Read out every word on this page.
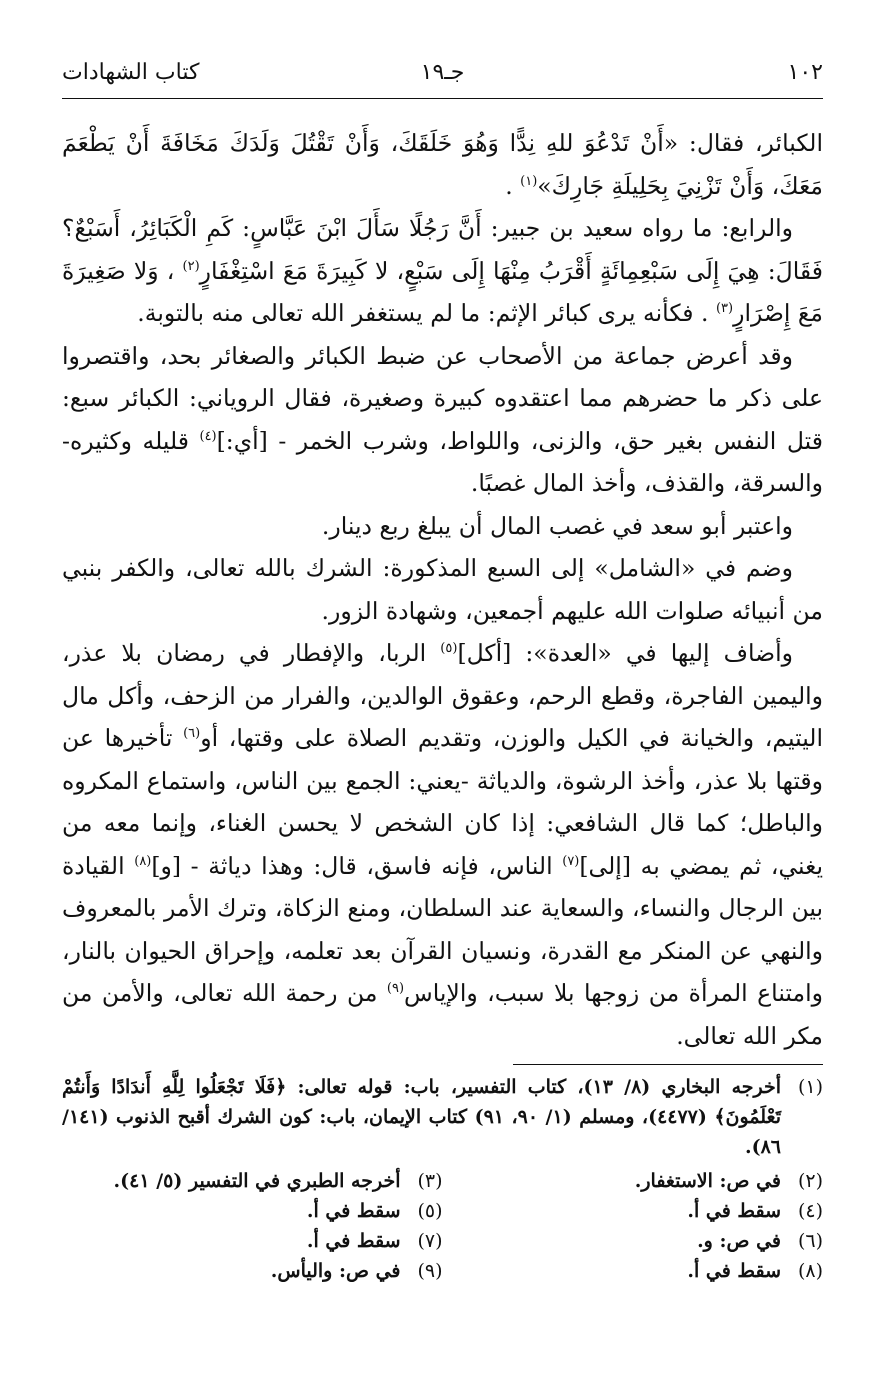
١٠٢
جـ١٩
كتاب الشهادات

الكبائر، فقال: «أَنْ تَدْعُوَ للهِ نِدًّا وَهُوَ خَلَقَكَ، وَأَنْ تَقْتُلَ وَلَدَكَ مَخَافَةَ أَنْ يَطْعَمَ مَعَكَ، وَأَنْ تَزْنِيَ بِحَلِيلَةِ جَارِكَ»$^{(١)}$ .

والرابع: ما رواه سعيد بن جبير: أَنَّ رَجُلًا سَأَلَ ابْنَ عَبَّاسٍ: كَمِ الْكَبَائِرُ، أَسَبْعٌ؟ فَقَالَ: هِيَ إِلَى سَبْعِمِائَةٍ أَقْرَبُ مِنْهَا إِلَى سَبْعٍ، لا كَبِيرَةَ مَعَ اسْتِغْفَارٍ$^{(٢)}$ ، وَلا صَغِيرَةَ مَعَ إِصْرَارٍ$^{(٣)}$ . فكأنه يرى كبائر الإثم: ما لم يستغفر الله تعالى منه بالتوبة.

وقد أعرض جماعة من الأصحاب عن ضبط الكبائر والصغائر بحد، واقتصروا على ذكر ما حضرهم مما اعتقدوه كبيرة وصغيرة، فقال الروياني: الكبائر سبع: قتل النفس بغير حق، والزنى، واللواط، وشرب الخمر - [أي:]$^{(٤)}$ قليله وكثيره- والسرقة، والقذف، وأخذ المال غصبًا.

واعتبر أبو سعد في غصب المال أن يبلغ ربع دينار.

وضم في «الشامل» إلى السبع المذكورة: الشرك بالله تعالى، والكفر بنبي من أنبيائه صلوات الله عليهم أجمعين، وشهادة الزور.

وأضاف إليها في «العدة»: [أكل]$^{(٥)}$ الربا، والإفطار في رمضان بلا عذر، واليمين الفاجرة، وقطع الرحم، وعقوق الوالدين، والفرار من الزحف، وأكل مال اليتيم، والخيانة في الكيل والوزن، وتقديم الصلاة على وقتها، أو$^{(٦)}$ تأخيرها عن وقتها بلا عذر، وأخذ الرشوة، والدياثة -يعني: الجمع بين الناس، واستماع المكروه والباطل؛ كما قال الشافعي: إذا كان الشخص لا يحسن الغناء، وإنما معه من يغني، ثم يمضي به [إلى]$^{(٧)}$ الناس، فإنه فاسق، قال: وهذا دياثة - [و]$^{(٨)}$ القيادة بين الرجال والنساء، والسعاية عند السلطان، ومنع الزكاة، وترك الأمر بالمعروف والنهي عن المنكر مع القدرة، ونسيان القرآن بعد تعلمه، وإحراق الحيوان بالنار، وامتناع المرأة من زوجها بلا سبب، والإياس$^{(٩)}$ من رحمة الله تعالى، والأمن من مكر الله تعالى.

(١)
أخرجه البخاري (٨/ ١٣)، كتاب التفسير، باب: قوله تعالى: ﴿فَلَا تَجْعَلُوا لِلَّهِ أَندَادًا وَأَنتُمْ تَعْلَمُونَ﴾ (٤٤٧٧)، ومسلم (١/ ٩٠، ٩١) كتاب الإيمان، باب: كون الشرك أقبح الذنوب (١٤١/ ٨٦).
(٢)
في ص: الاستغفار.
(٣)
أخرجه الطبري في التفسير (٥/ ٤١).
(٤)
سقط في أ.
(٥)
سقط في أ.
(٦)
في ص: و.
(٧)
سقط في أ.
(٨)
سقط في أ.
(٩)
في ص: واليأس.
